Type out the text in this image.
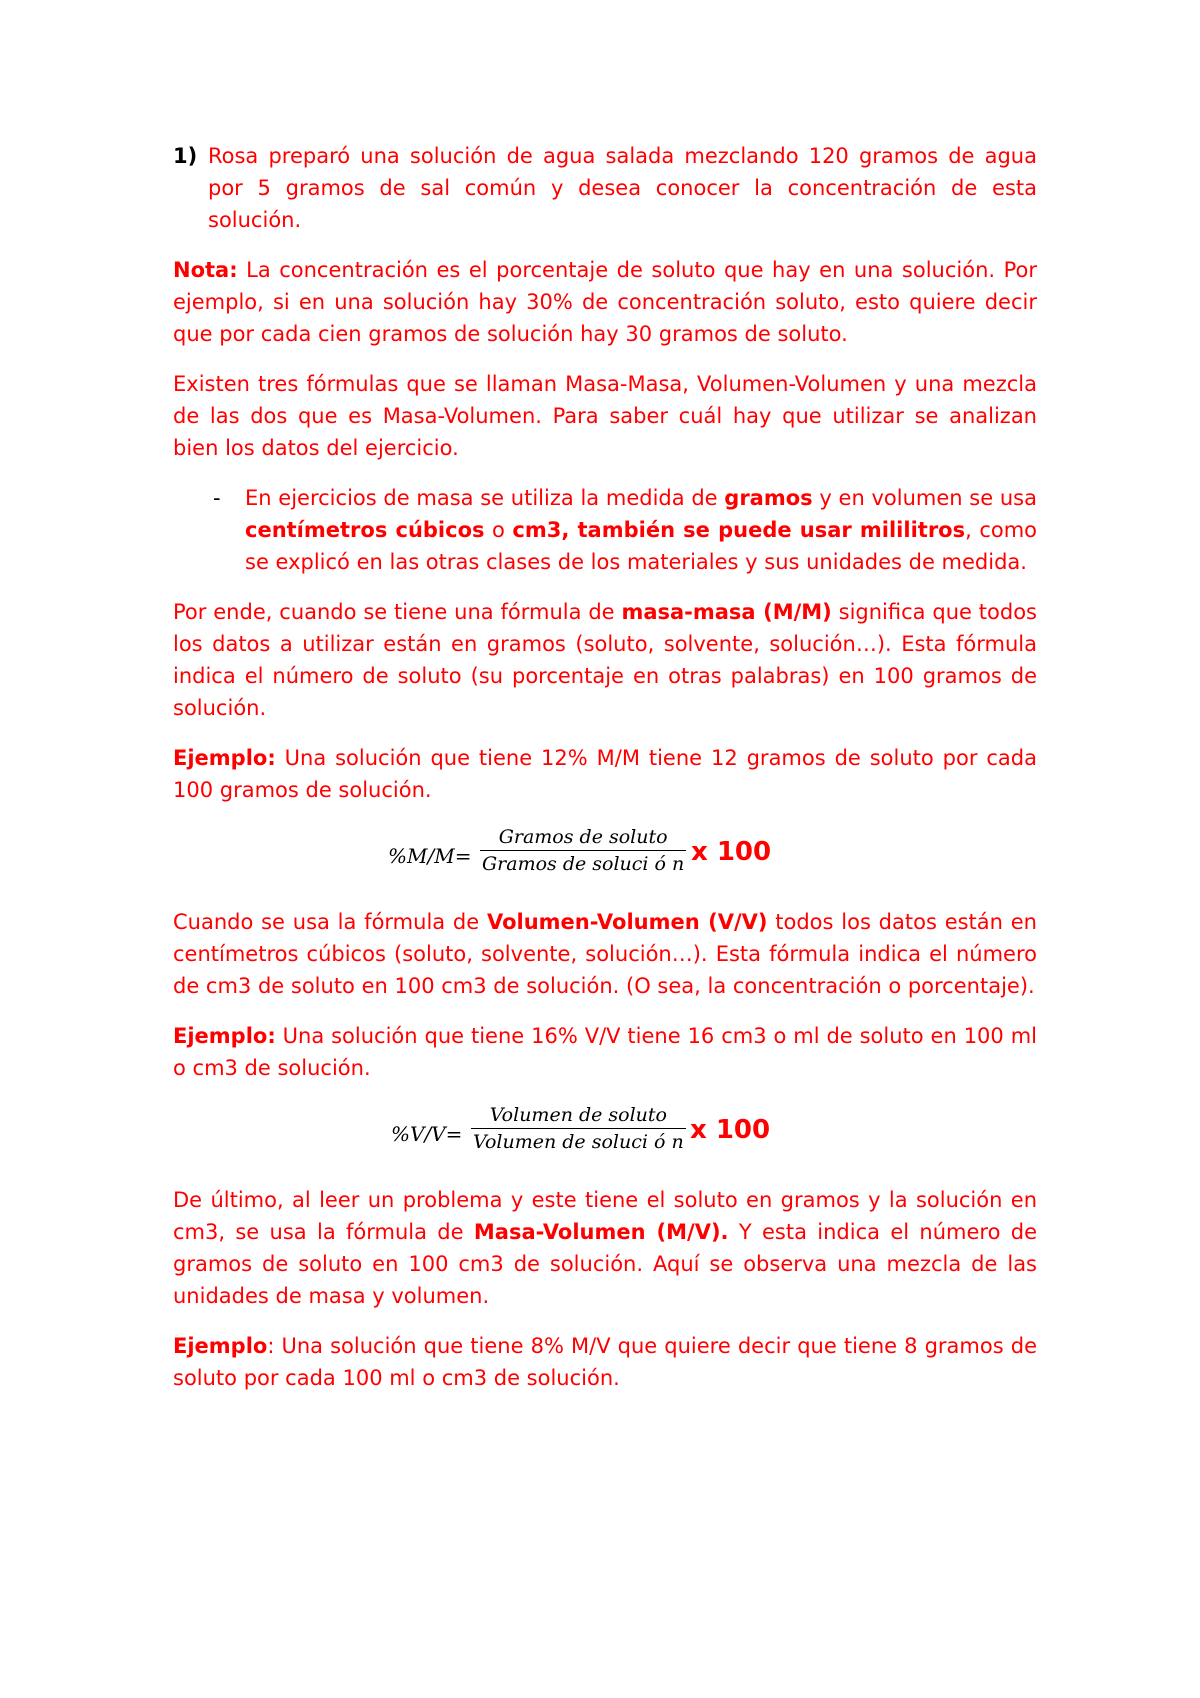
1) Rosa preparó una solución de agua salada mezclando 120 gramos de agua por 5 gramos de sal común y desea conocer la concentración de esta solución.

Nota: La concentración es el porcentaje de soluto que hay en una solución. Por ejemplo, si en una solución hay 30% de concentración soluto, esto quiere decir que por cada cien gramos de solución hay 30 gramos de soluto.

Existen tres fórmulas que se llaman Masa-Masa, Volumen-Volumen y una mezcla de las dos que es Masa-Volumen. Para saber cuál hay que utilizar se analizan bien los datos del ejercicio.

- En ejercicios de masa se utiliza la medida de gramos y en volumen se usa centímetros cúbicos o cm3, también se puede usar mililitros, como se explicó en las otras clases de los materiales y sus unidades de medida.

Por ende, cuando se tiene una fórmula de masa-masa (M/M) significa que todos los datos a utilizar están en gramos (soluto, solvente, solución…). Esta fórmula indica el número de soluto (su porcentaje en otras palabras) en 100 gramos de solución.

Ejemplo: Una solución que tiene 12% M/M tiene 12 gramos de soluto por cada 100 gramos de solución.

%M/M=
Gramos de soluto
Gramos de soluci ó n x 100

Cuando se usa la fórmula de Volumen-Volumen (V/V) todos los datos están en centímetros cúbicos (soluto, solvente, solución…). Esta fórmula indica el número de cm3 de soluto en 100 cm3 de solución. (O sea, la concentración o porcentaje).

Ejemplo: Una solución que tiene 16% V/V tiene 16 cm3 o ml de soluto en 100 ml o cm3 de solución.

%V/V=
Volumen de soluto
Volumen de soluci ó n x 100

De último, al leer un problema y este tiene el soluto en gramos y la solución en cm3, se usa la fórmula de Masa-Volumen (M/V). Y esta indica el número de gramos de soluto en 100 cm3 de solución. Aquí se observa una mezcla de las unidades de masa y volumen.

Ejemplo: Una solución que tiene 8% M/V que quiere decir que tiene 8 gramos de soluto por cada 100 ml o cm3 de solución.
